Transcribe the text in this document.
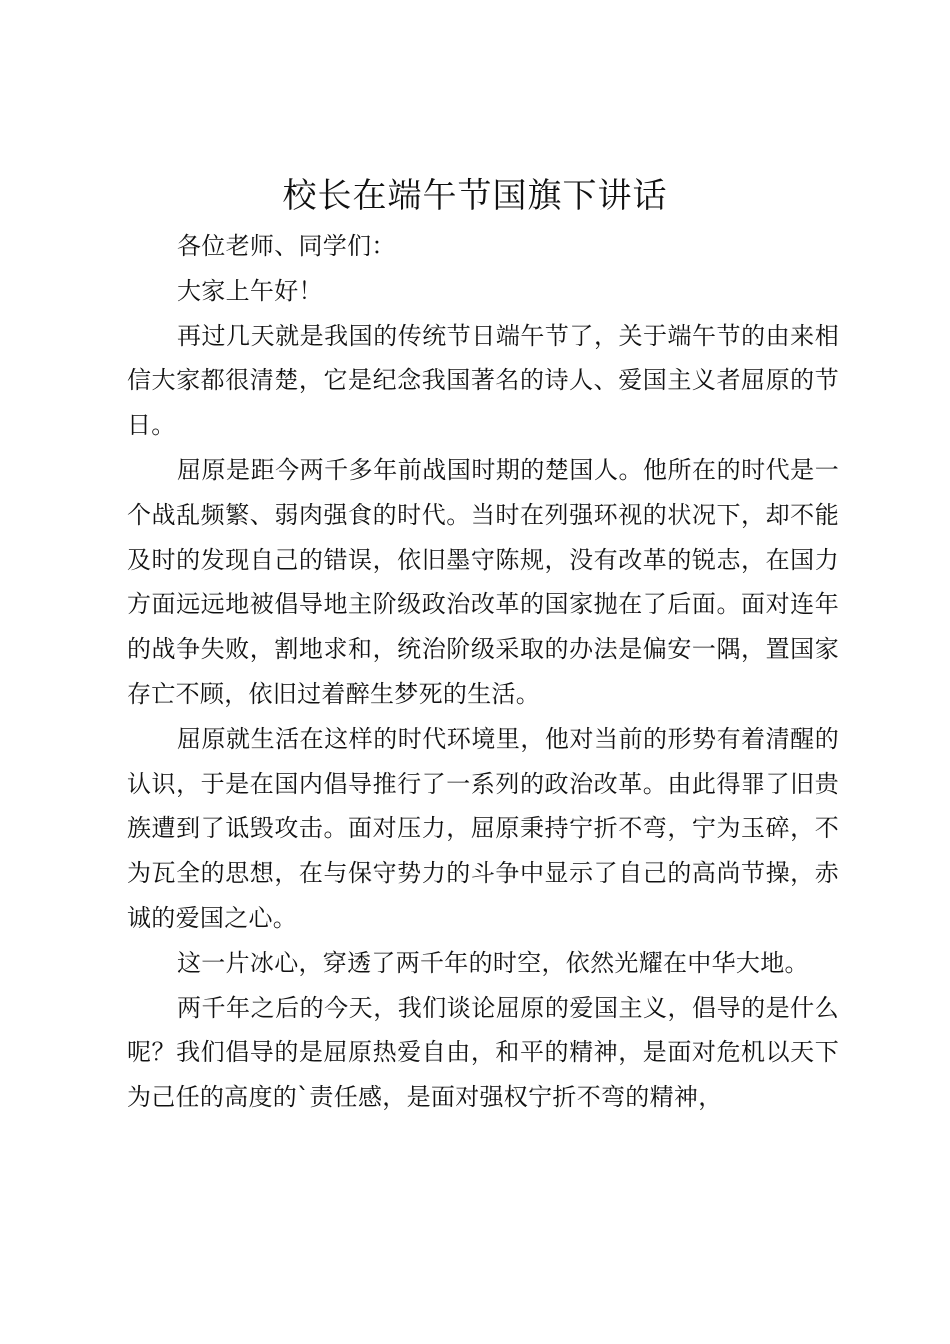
校长在端午节国旗下讲话

各位老师、同学们：

大家上午好！

再过几天就是我国的传统节日端午节了，关于端午节的由来相信大家都很清楚，它是纪念我国著名的诗人、爱国主义者屈原的节日。

屈原是距今两千多年前战国时期的楚国人。他所在的时代是一个战乱频繁、弱肉强食的时代。当时在列强环视的状况下，却不能及时的发现自己的错误，依旧墨守陈规，没有改革的锐志，在国力方面远远地被倡导地主阶级政治改革的国家抛在了后面。面对连年的战争失败，割地求和，统治阶级采取的办法是偏安一隅，置国家存亡不顾，依旧过着醉生梦死的生活。

屈原就生活在这样的时代环境里，他对当前的形势有着清醒的认识，于是在国内倡导推行了一系列的政治改革。由此得罪了旧贵族遭到了诋毁攻击。面对压力，屈原秉持宁折不弯，宁为玉碎，不为瓦全的思想，在与保守势力的斗争中显示了自己的高尚节操，赤诚的爱国之心。

这一片冰心，穿透了两千年的时空，依然光耀在中华大地。

两千年之后的今天，我们谈论屈原的爱国主义，倡导的是什么呢？我们倡导的是屈原热爱自由，和平的精神，是面对危机以天下为己任的高度的`责任感，是面对强权宁折不弯的精神，
